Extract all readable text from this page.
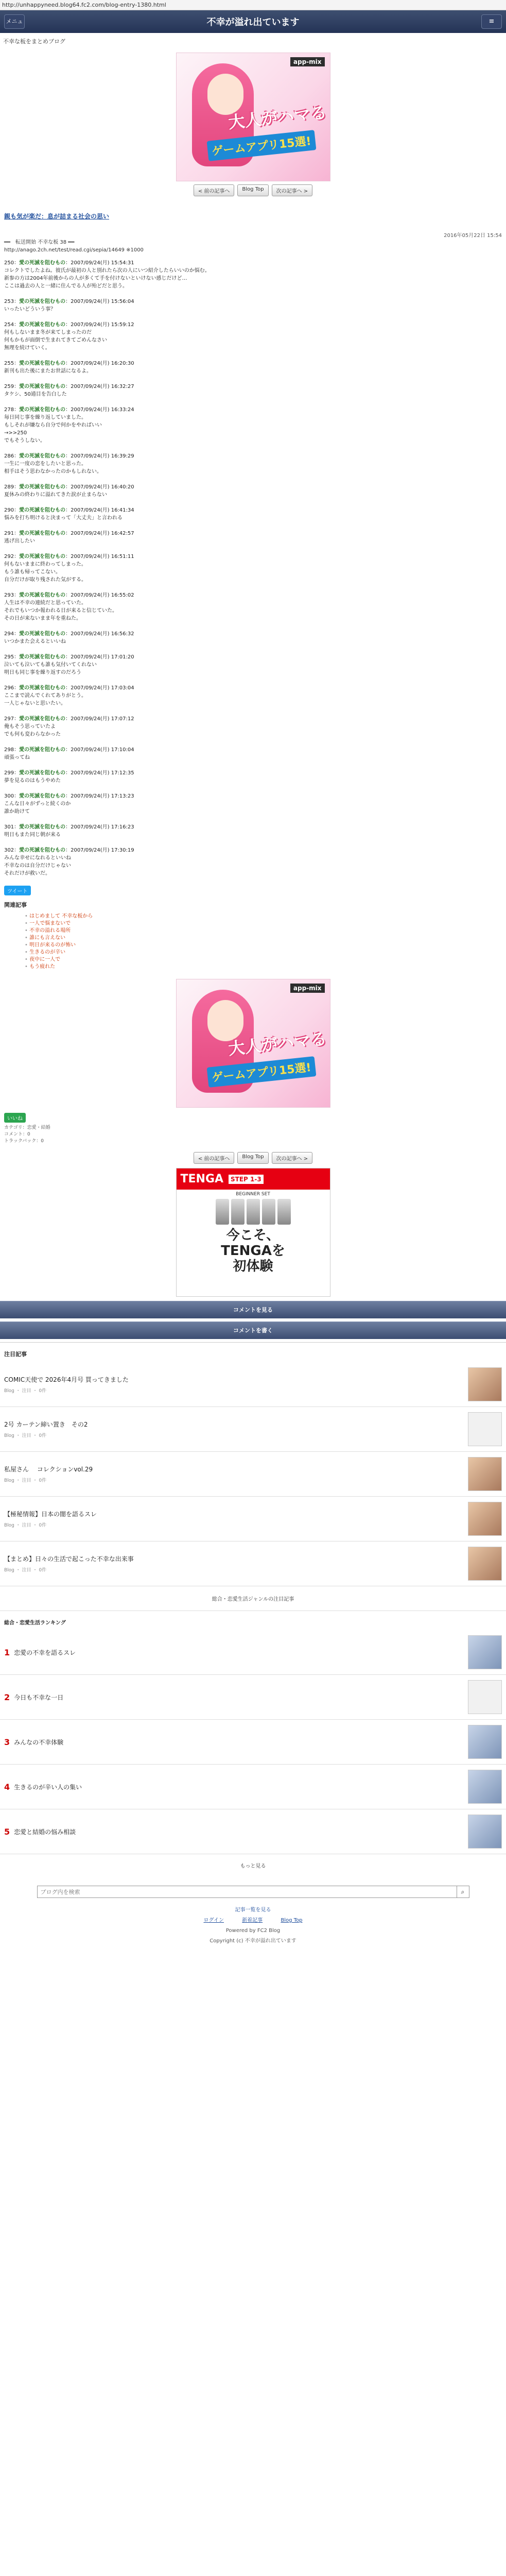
http://unhappyneed.blog64.fc2.com/blog-entry-1380.html
メニュー
不幸が溢れ出ています	≡
不幸な板をまとめブログ
app-mix
大人がハマる
ゲームアプリ15選!
< 前の記事へ	Blog Top	次の記事へ >
親も気が楽だ：息が詰まる社会の思い
2016年05月22日 15:54
━━　転送開始 不幸な板 38 ━━
http://anago.2ch.net/test/read.cgi/sepia/14649 ※1000
250：愛の死滅を阻むもの：2007/09/24(月) 15:54:31
コレクトでしたよね。彼氏が最初の人と別れたら次の人にいつ紹介したらいいのか悩む。
新参の方は2004年前後からの人が多くて手を付けないといけない感じだけど…
ここは過去の人と一緒に住んでる人が殆どだと思う。
253：愛の死滅を阻むもの：2007/09/24(月) 15:56:04
いったいどういう事？
254：愛の死滅を阻むもの：2007/09/24(月) 15:59:12
何もしないまま冬が来てしまったのだ
何もかもが面倒で生まれてきてごめんなさい
無理を続けていく。
255：愛の死滅を阻むもの：2007/09/24(月) 16:20:30
新刊も出た後にまたお世話になるよ。
259：愛の死滅を阻むもの：2007/09/24(月) 16:32:27
タケシ、50通目を告白した
278：愛の死滅を阻むもの：2007/09/24(月) 16:33:24
毎日同じ事を繰り返していました。
もしそれが嫌なら自分で何かをやればいい
→>>250
でもそうしない。
286：愛の死滅を阻むもの：2007/09/24(月) 16:39:29
一生に一度の恋をしたいと思った。
相手はそう思わなかったのかもしれない。
289：愛の死滅を阻むもの：2007/09/24(月) 16:40:20
夏休みの終わりに溢れてきた涙が止まらない
290：愛の死滅を阻むもの：2007/09/24(月) 16:41:34
悩みを打ち明けると決まって「大丈夫」と言われる
291：愛の死滅を阻むもの：2007/09/24(月) 16:42:57
逃げ出したい
292：愛の死滅を阻むもの：2007/09/24(月) 16:51:11
何もないままに終わってしまった。
もう誰も帰ってこない。
自分だけが取り残された気がする。
293：愛の死滅を阻むもの：2007/09/24(月) 16:55:02
人生は不幸の連続だと思っていた。
それでもいつか報われる日が来ると信じていた。
その日が来ないまま年を重ねた。
294：愛の死滅を阻むもの：2007/09/24(月) 16:56:32
いつかまた会えるといいね
295：愛の死滅を阻むもの：2007/09/24(月) 17:01:20
泣いても泣いても誰も気付いてくれない
明日も同じ事を繰り返すのだろう
296：愛の死滅を阻むもの：2007/09/24(月) 17:03:04
ここまで読んでくれてありがとう。
一人じゃないと思いたい。
297：愛の死滅を阻むもの：2007/09/24(月) 17:07:12
俺もそう思っていたよ
でも何も変わらなかった
298：愛の死滅を阻むもの：2007/09/24(月) 17:10:04
頑張ってね
299：愛の死滅を阻むもの：2007/09/24(月) 17:12:35
夢を見るのはもうやめた
300：愛の死滅を阻むもの：2007/09/24(月) 17:13:23
こんな日々がずっと続くのか
誰か助けて
301：愛の死滅を阻むもの：2007/09/24(月) 17:16:23
明日もまた同じ朝が来る
302：愛の死滅を阻むもの：2007/09/24(月) 17:30:19
みんな幸せになれるといいね
不幸なのは自分だけじゃない
それだけが救いだ。
ツイート
関連記事
• はじめまして 不幸な板から
• 一人で悩まないで
• 不幸の溢れる場所
• 誰にも言えない
• 明日が来るのが怖い
• 生きるのが辛い
• 夜中に一人で
• もう疲れた
app-mix
大人がハマる
ゲームアプリ15選!
いいね
カテゴリ：恋愛・結婚
コメント：0
トラックバック：0
< 前の記事へ	Blog Top	次の記事へ >
TENGA	STEP 1-3
BEGINNER SET
今こそ、
TENGAを
初体験
コメントを見る
コメントを書く
注目記事
COMIC天使で 2026年4月号 買ってきました
Blog ・ 注目 ・ 0件
2号 カーテン締い置き　その2
Blog ・ 注目 ・ 0件
私屋さん 　コレクションvol.29
Blog ・ 注目 ・ 0件
【極秘情報】日本の闇を語るスレ
Blog ・ 注目 ・ 0件
【まとめ】日々の生活で起こった不幸な出来事
Blog ・ 注目 ・ 0件
総合・恋愛生活ジャンルの注目記事
総合・恋愛生活ランキング
1 恋愛の不幸を語るスレ
2 今日も不幸な一日
3 みんなの不幸体験
4 生きるのが辛い人の集い
5 恋愛と結婚の悩み相談
もっと見る
ブログ内を検索
⌕
記事一覧を見る
ログイン	新着記事	Blog Top
Powered by FC2 Blog
Copyright (c) 不幸が溢れ出ています
